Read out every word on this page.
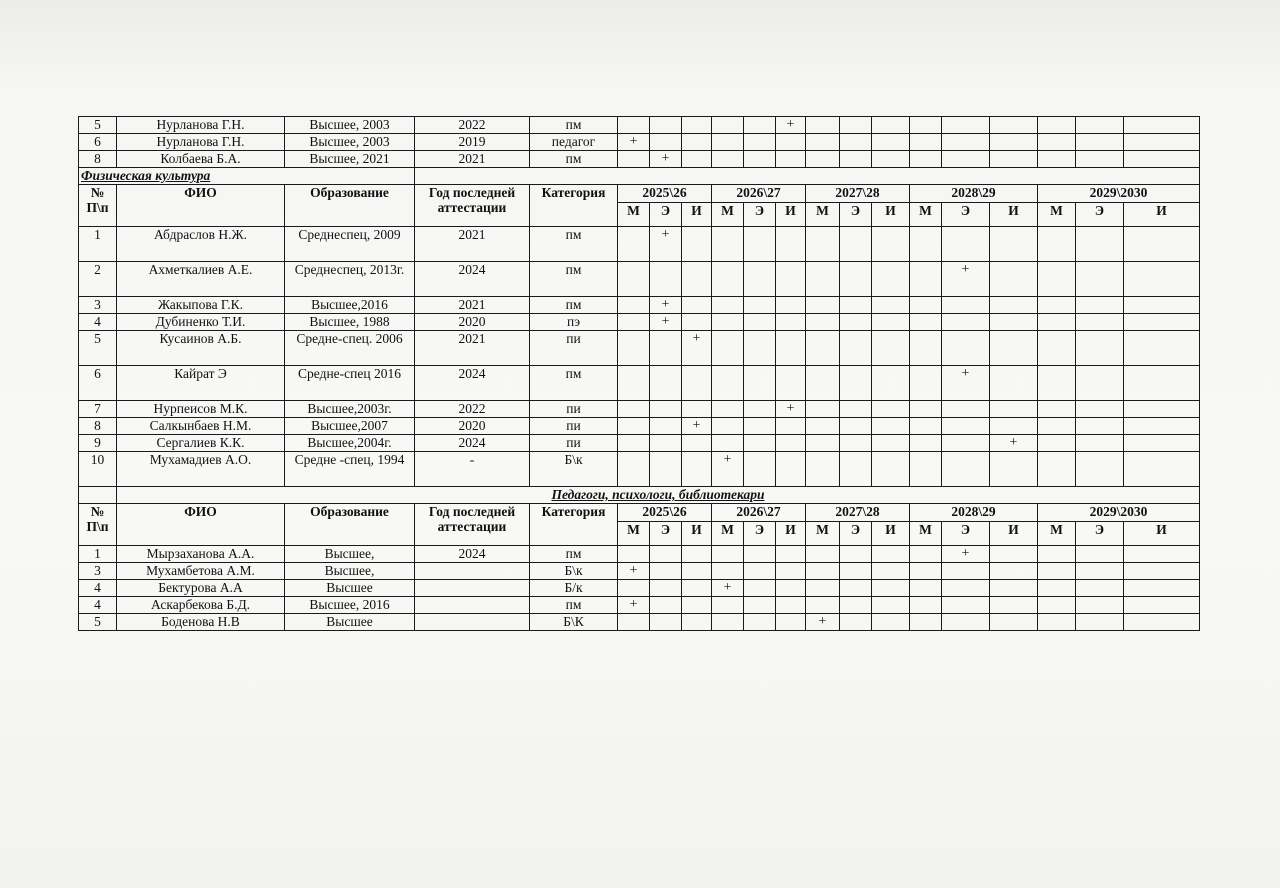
5	Нурланова Г.Н.	Высшее, 2003	2022	пм						+									
6	Нурланова Г.Н.	Высшее, 2003	2019	педагог	+														
8	Колбаева Б.А.	Высшее, 2021	2021	пм		+													
Физическая культура																			
№ П\п	ФИО	Образование	Год последней аттестации	Категория	2025\26			2026\27			2027\28			2028\29			2029\2030		
					М	Э	И	М	Э	И	М	Э	И	М	Э	И	М	Э	И
1	Абдраслов Н.Ж.	Среднеспец, 2009	2021	пм		+													
2	Ахметкалиев А.Е.	Среднеспец, 2013г.	2024	пм											+				
3	Жакыпова Г.К.	Высшее,2016	2021	пм		+													
4	Дубиненко Т.И.	Высшее, 1988	2020	пэ		+													
5	Кусаинов А.Б.	Средне-спец. 2006	2021	пи			+												
6	Кайрат Э	Средне-спец 2016	2024	пм											+				
7	Нурпеисов М.К.	Высшее,2003г.	2022	пи						+									
8	Салкынбаев Н.М.	Высшее,2007	2020	пи			+												
9	Сергалиев К.К.	Высшее,2004г.	2024	пи												+			
10	Мухамадиев А.О.	Средне -спец, 1994	-	Б\к				+											
	Педагоги, психологи, библиотекари																		
№ П\п	ФИО	Образование	Год последней аттестации	Категория	2025\26			2026\27			2027\28			2028\29			2029\2030		
					М	Э	И	М	Э	И	М	Э	И	М	Э	И	М	Э	И
1	Мырзаханова А.А.	Высшее,	2024	пм											+				
3	Мухамбетова А.М.	Высшее,		Б\к	+														
4	Бектурова А.А	Высшее		Б/к				+											
4	Аскарбекова Б.Д.	Высшее, 2016		пм	+														
5	Боденова Н.В	Высшее		Б\К							+								
